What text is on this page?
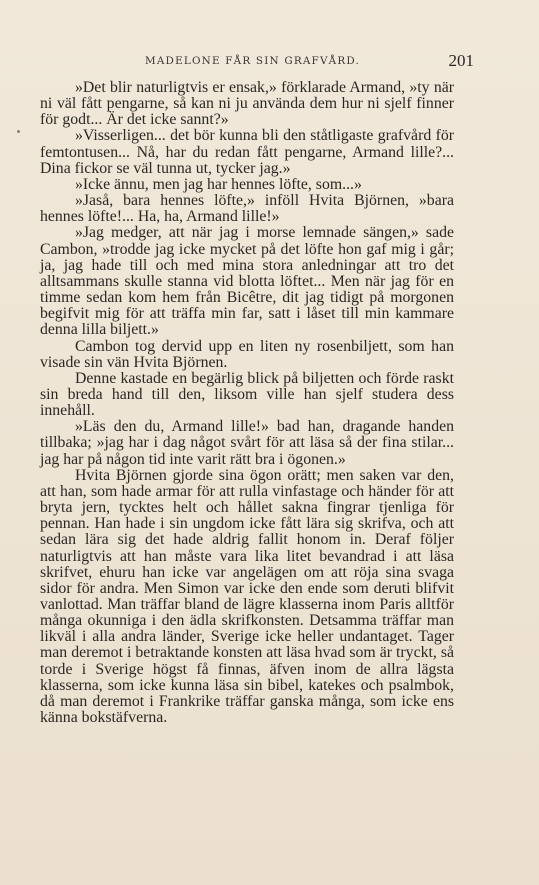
MADELONE FÅR SIN GRAFVÅRD.	201

»Det blir naturligtvis er ensak,» förklarade Armand, »ty när ni väl fått pengarne, så kan ni ju använda dem hur ni sjelf finner för godt... Är det icke sannt?»

»Visserligen... det bör kunna bli den ståtligaste grafvård för femtontusen... Nå, har du redan fått pengarne, Armand lille?... Dina fickor se väl tunna ut, tycker jag.»

»Icke ännu, men jag har hennes löfte, som...»

»Jaså, bara hennes löfte,» inföll Hvita Björnen, »bara hennes löfte!... Ha, ha, Armand lille!»

»Jag medger, att när jag i morse lemnade sängen,» sade Cambon, »trodde jag icke mycket på det löfte hon gaf mig i går; ja, jag hade till och med mina stora anledningar att tro det alltsammans skulle stanna vid blotta löftet... Men när jag för en timme sedan kom hem från Bicêtre, dit jag tidigt på morgonen begifvit mig för att träffa min far, satt i låset till min kammare denna lilla biljett.»

Cambon tog dervid upp en liten ny rosenbiljett, som han visade sin vän Hvita Björnen.

Denne kastade en begärlig blick på biljetten och förde raskt sin breda hand till den, liksom ville han sjelf studera dess innehåll.

»Läs den du, Armand lille!» bad han, dragande handen tillbaka; »jag har i dag något svårt för att läsa så der fina stilar... jag har på någon tid inte varit rätt bra i ögonen.»

Hvita Björnen gjorde sina ögon orätt; men saken var den, att han, som hade armar för att rulla vinfastage och händer för att bryta jern, tycktes helt och hållet sakna fingrar tjenliga för pennan. Han hade i sin ungdom icke fått lära sig skrifva, och att sedan lära sig det hade aldrig fallit honom in. Deraf följer naturligtvis att han måste vara lika litet bevandrad i att läsa skrifvet, ehuru han icke var angelägen om att röja sina svaga sidor för andra. Men Simon var icke den ende som deruti blifvit vanlottad. Man träffar bland de lägre klasserna inom Paris alltför många okunniga i den ädla skrifkonsten. Detsamma träffar man likväl i alla andra länder, Sverige icke heller undantaget. Tager man deremot i betraktande konsten att läsa hvad som är tryckt, så torde i Sverige högst få finnas, äfven inom de allra lägsta klasserna, som icke kunna läsa sin bibel, katekes och psalmbok, då man deremot i Frankrike träffar ganska många, som icke ens känna bokstäfverna.
